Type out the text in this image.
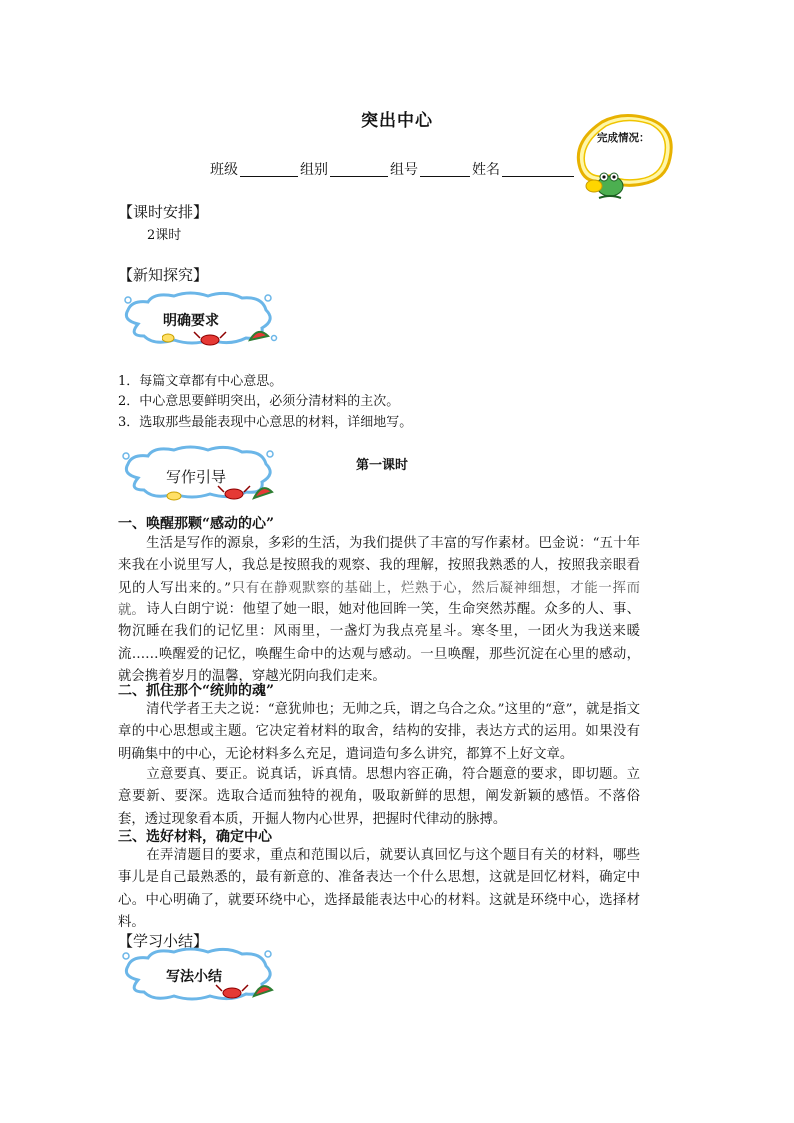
突出中心
完成情况：
班级	组别	组号	姓名
【课时安排】
2课时
【新知探究】
明确要求
1．每篇文章都有中心意思。
2．中心意思要鲜明突出，必须分清材料的主次。
3．选取那些最能表现中心意思的材料，详细地写。
写作引导
第一课时
一、唤醒那颗“感动的心”
生活是写作的源泉，多彩的生活，为我们提供了丰富的写作素材。巴金说：“五十年来我在小说里写人，我总是按照我的观察、我的理解，按照我熟悉的人，按照我亲眼看见的人写出来的。”只有在静观默察的基础上，烂熟于心，然后凝神细想，才能一挥而就。 诗人白朗宁说：他望了她一眼，她对他回眸一笑，生命突然苏醒。众多的人、事、物沉睡在我们的记忆里：风雨里，一盏灯为我点亮星斗。寒冬里，一团火为我送来暖流……唤醒爱的记忆，唤醒生命中的达观与感动。一旦唤醒，那些沉淀在心里的感动，就会携着岁月的温馨，穿越光阴向我们走来。
二、抓住那个“统帅的魂”
清代学者王夫之说：“意犹帅也；无帅之兵，谓之乌合之众。”这里的“意”，就是指文章的中心思想或主题。它决定着材料的取舍，结构的安排，表达方式的运用。如果没有明确集中的中心，无论材料多么充足，遣词造句多么讲究，都算不上好文章。
立意要真、要正。说真话，诉真情。思想内容正确，符合题意的要求，即切题。立意要新、要深。选取合适而独特的视角，吸取新鲜的思想，阐发新颖的感悟。不落俗套，透过现象看本质，开掘人物内心世界，把握时代律动的脉搏。
三、选好材料，确定中心
在弄清题目的要求，重点和范围以后，就要认真回忆与这个题目有关的材料，哪些事儿是自己最熟悉的，最有新意的、准备表达一个什么思想，这就是回忆材料，确定中心。中心明确了，就要环绕中心，选择最能表达中心的材料。这就是环绕中心，选择材料。
【学习小结】
写法小结
